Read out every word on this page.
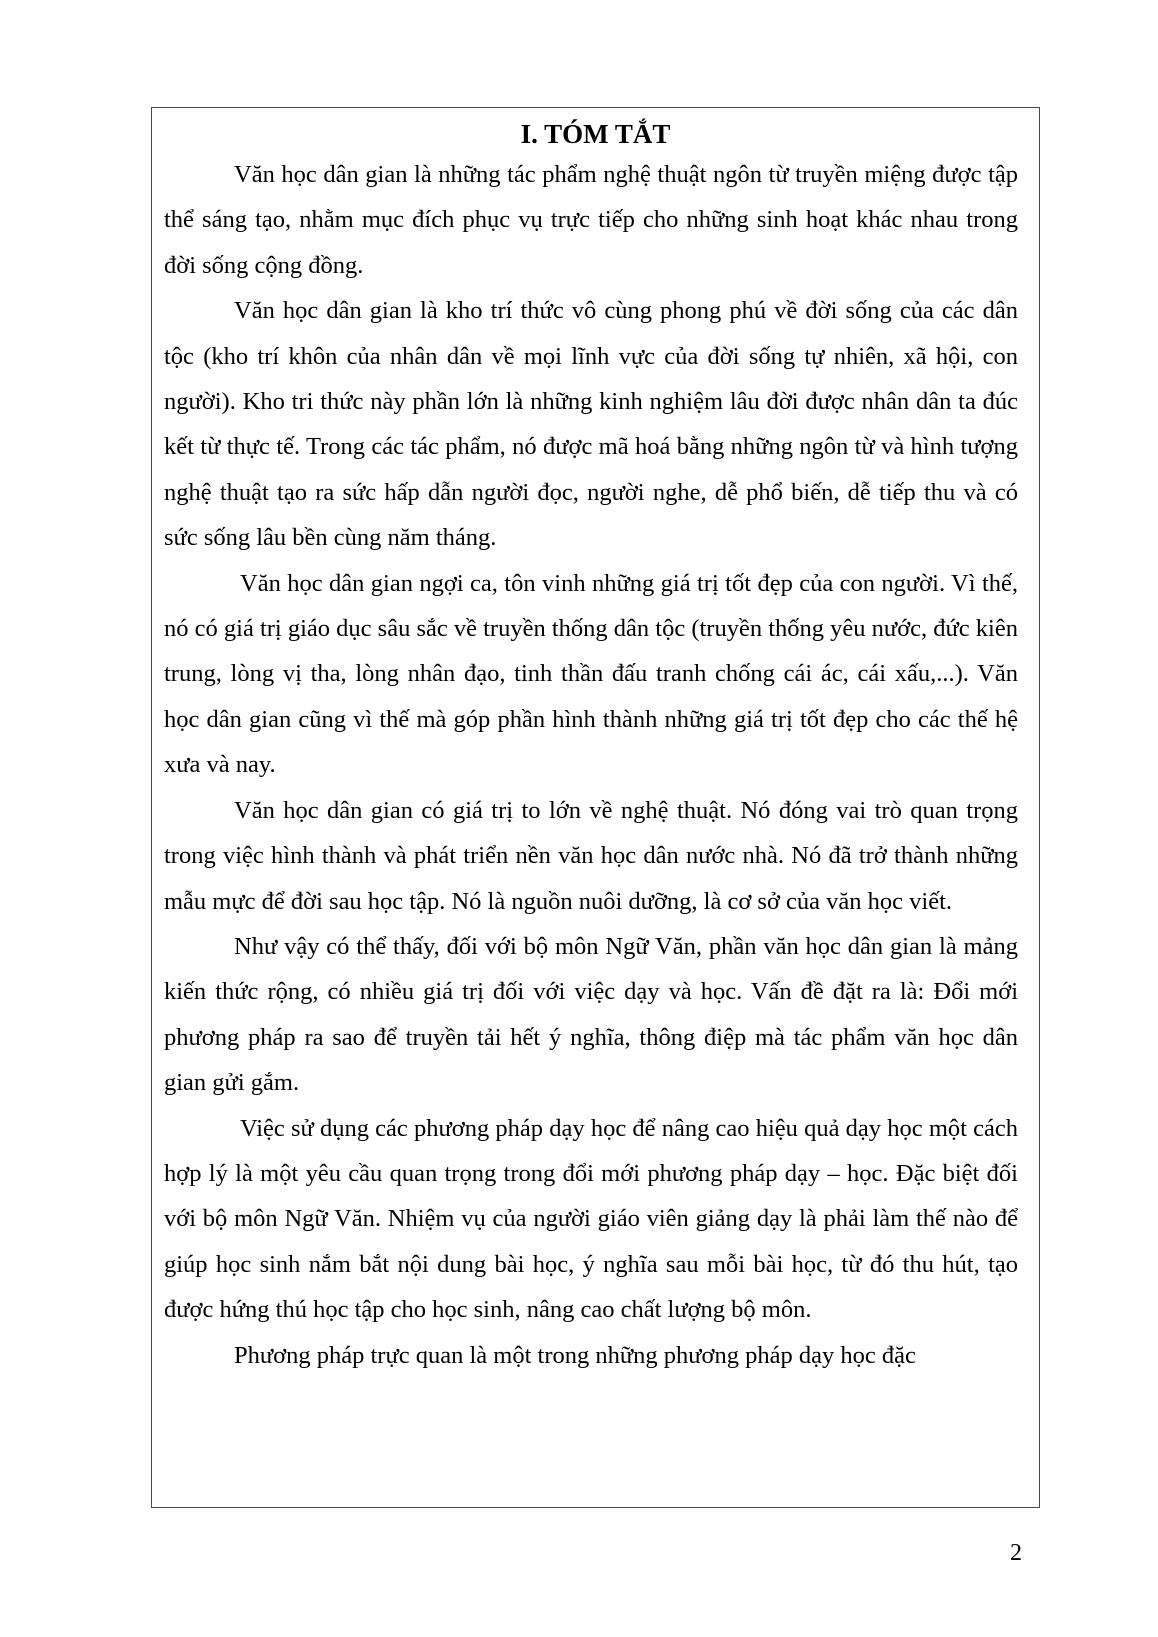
I. TÓM TẮT

Văn học dân gian là những tác phẩm nghệ thuật ngôn từ truyền miệng được tập thể sáng tạo, nhằm mục đích phục vụ trực tiếp cho những sinh hoạt khác nhau trong đời sống cộng đồng.

Văn học dân gian là kho trí thức vô cùng phong phú về đời sống của các dân tộc (kho trí khôn của nhân dân về mọi lĩnh vực của đời sống tự nhiên, xã hội, con người). Kho tri thức này phần lớn là những kinh nghiệm lâu đời được nhân dân ta đúc kết từ thực tế. Trong các tác phẩm, nó được mã hoá bằng những ngôn từ và hình tượng nghệ thuật tạo ra sức hấp dẫn người đọc, người nghe, dễ phổ biến, dễ tiếp thu và có sức sống lâu bền cùng năm tháng.

Văn học dân gian ngợi ca, tôn vinh những giá trị tốt đẹp của con người. Vì thế, nó có giá trị giáo dục sâu sắc về truyền thống dân tộc (truyền thống yêu nước, đức kiên trung, lòng vị tha, lòng nhân đạo, tinh thần đấu tranh chống cái ác, cái xấu,...). Văn học dân gian cũng vì thế mà góp phần hình thành những giá trị tốt đẹp cho các thế hệ xưa và nay.

Văn học dân gian có giá trị to lớn về nghệ thuật. Nó đóng vai trò quan trọng trong việc hình thành và phát triển nền văn học dân nước nhà. Nó đã trở thành những mẫu mực để đời sau học tập. Nó là nguồn nuôi dưỡng, là cơ sở của văn học viết.

Như vậy có thể thấy, đối với bộ môn Ngữ Văn, phần văn học dân gian là mảng kiến thức rộng, có nhiều giá trị đối với việc dạy và học. Vấn đề đặt ra là: Đổi mới phương pháp ra sao để truyền tải hết ý nghĩa, thông điệp mà tác phẩm văn học dân gian gửi gắm.

Việc sử dụng các phương pháp dạy học để nâng cao hiệu quả dạy học một cách hợp lý là một yêu cầu quan trọng trong đổi mới phương pháp dạy – học. Đặc biệt đối với bộ môn Ngữ Văn. Nhiệm vụ của người giáo viên giảng dạy là phải làm thế nào để giúp học sinh nắm bắt nội dung bài học, ý nghĩa sau mỗi bài học, từ đó thu hút, tạo được hứng thú học tập cho học sinh, nâng cao chất lượng bộ môn.

Phương pháp trực quan là một trong những phương pháp dạy học đặc

2
